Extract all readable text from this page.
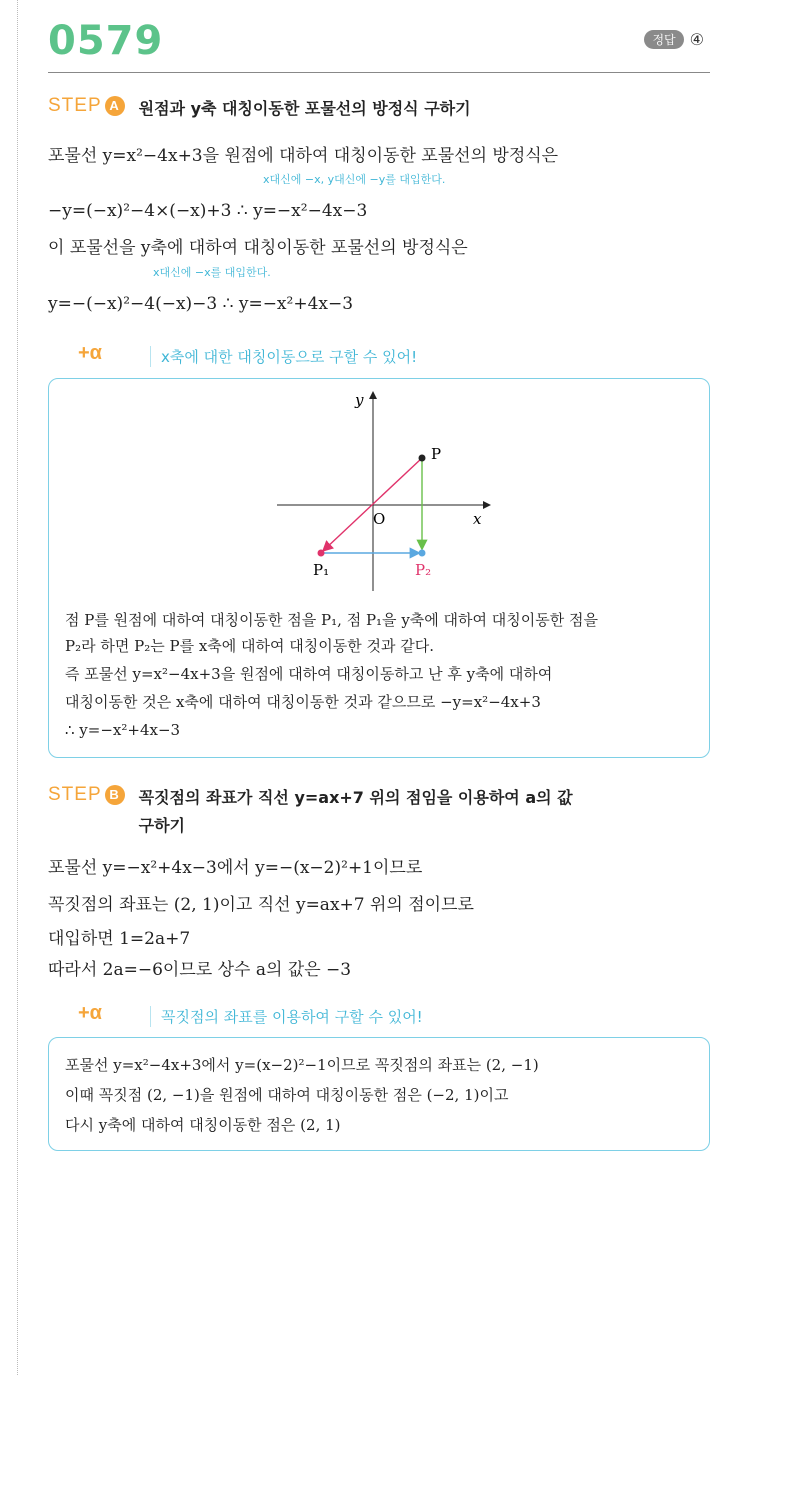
0579	정답 ④
STEP A	원점과 y축 대칭이동한 포물선의 방정식 구하기
포물선 y=x²−4x+3을 원점에 대하여 대칭이동한 포물선의 방정식은
x대신에 −x, y대신에 −y를 대입한다.
−y=(−x)²−4×(−x)+3 ∴ y=−x²−4x−3
이 포물선을 y축에 대하여 대칭이동한 포물선의 방정식은
x대신에 −x를 대입한다.
y=−(−x)²−4(−x)−3 ∴ y=−x²+4x−3
+α	x축에 대한 대칭이동으로 구할 수 있어!
y
x
O
P
P₁	P₂
점 P를 원점에 대하여 대칭이동한 점을 P₁, 점 P₁을 y축에 대하여 대칭이동한 점을
P₂라 하면 P₂는 P를 x축에 대하여 대칭이동한 것과 같다.
즉 포물선 y=x²−4x+3을 원점에 대하여 대칭이동하고 난 후 y축에 대하여
대칭이동한 것은 x축에 대하여 대칭이동한 것과 같으므로 −y=x²−4x+3
∴ y=−x²+4x−3
STEP B	꼭짓점의 좌표가 직선 y=ax+7 위의 점임을 이용하여 a의 값
구하기
포물선 y=−x²+4x−3에서 y=−(x−2)²+1이므로
꼭짓점의 좌표는 (2, 1)이고 직선 y=ax+7 위의 점이므로
대입하면 1=2a+7
따라서 2a=−6이므로 상수 a의 값은 −3
+α	꼭짓점의 좌표를 이용하여 구할 수 있어!
포물선 y=x²−4x+3에서 y=(x−2)²−1이므로 꼭짓점의 좌표는 (2, −1)
이때 꼭짓점 (2, −1)을 원점에 대하여 대칭이동한 점은 (−2, 1)이고
다시 y축에 대하여 대칭이동한 점은 (2, 1)
